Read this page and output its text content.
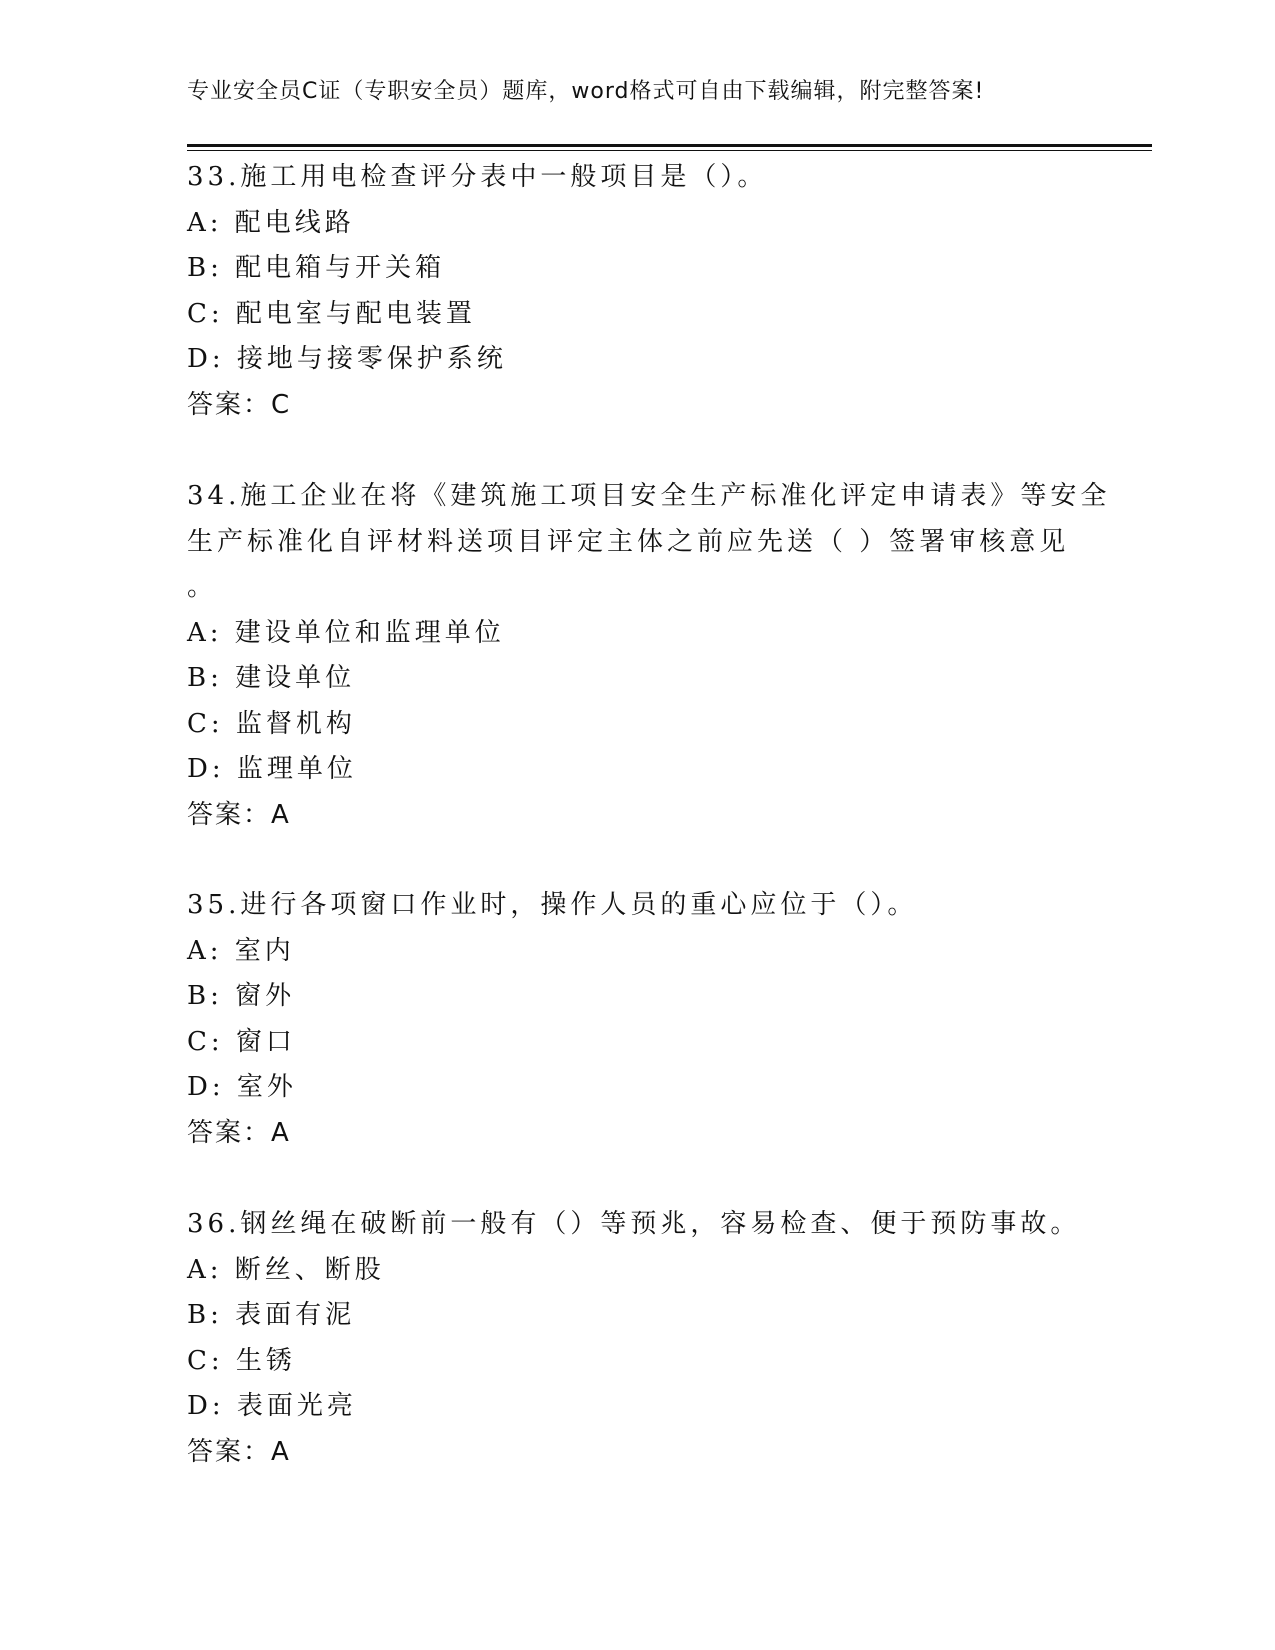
专业安全员C证（专职安全员）题库，word格式可自由下载编辑，附完整答案!
33.施工用电检查评分表中一般项目是（）。
A: 配电线路
B: 配电箱与开关箱
C: 配电室与配电装置
D: 接地与接零保护系统
答案：C
34.施工企业在将《建筑施工项目安全生产标准化评定申请表》等安全
生产标准化自评材料送项目评定主体之前应先送（ ）签署审核意见
。
A: 建设单位和监理单位
B: 建设单位
C: 监督机构
D: 监理单位
答案：A
35.进行各项窗口作业时，操作人员的重心应位于（）。
A: 室内
B: 窗外
C: 窗口
D: 室外
答案：A
36.钢丝绳在破断前一般有（）等预兆，容易检查、便于预防事故。
A: 断丝、断股
B: 表面有泥
C: 生锈
D: 表面光亮
答案：A
